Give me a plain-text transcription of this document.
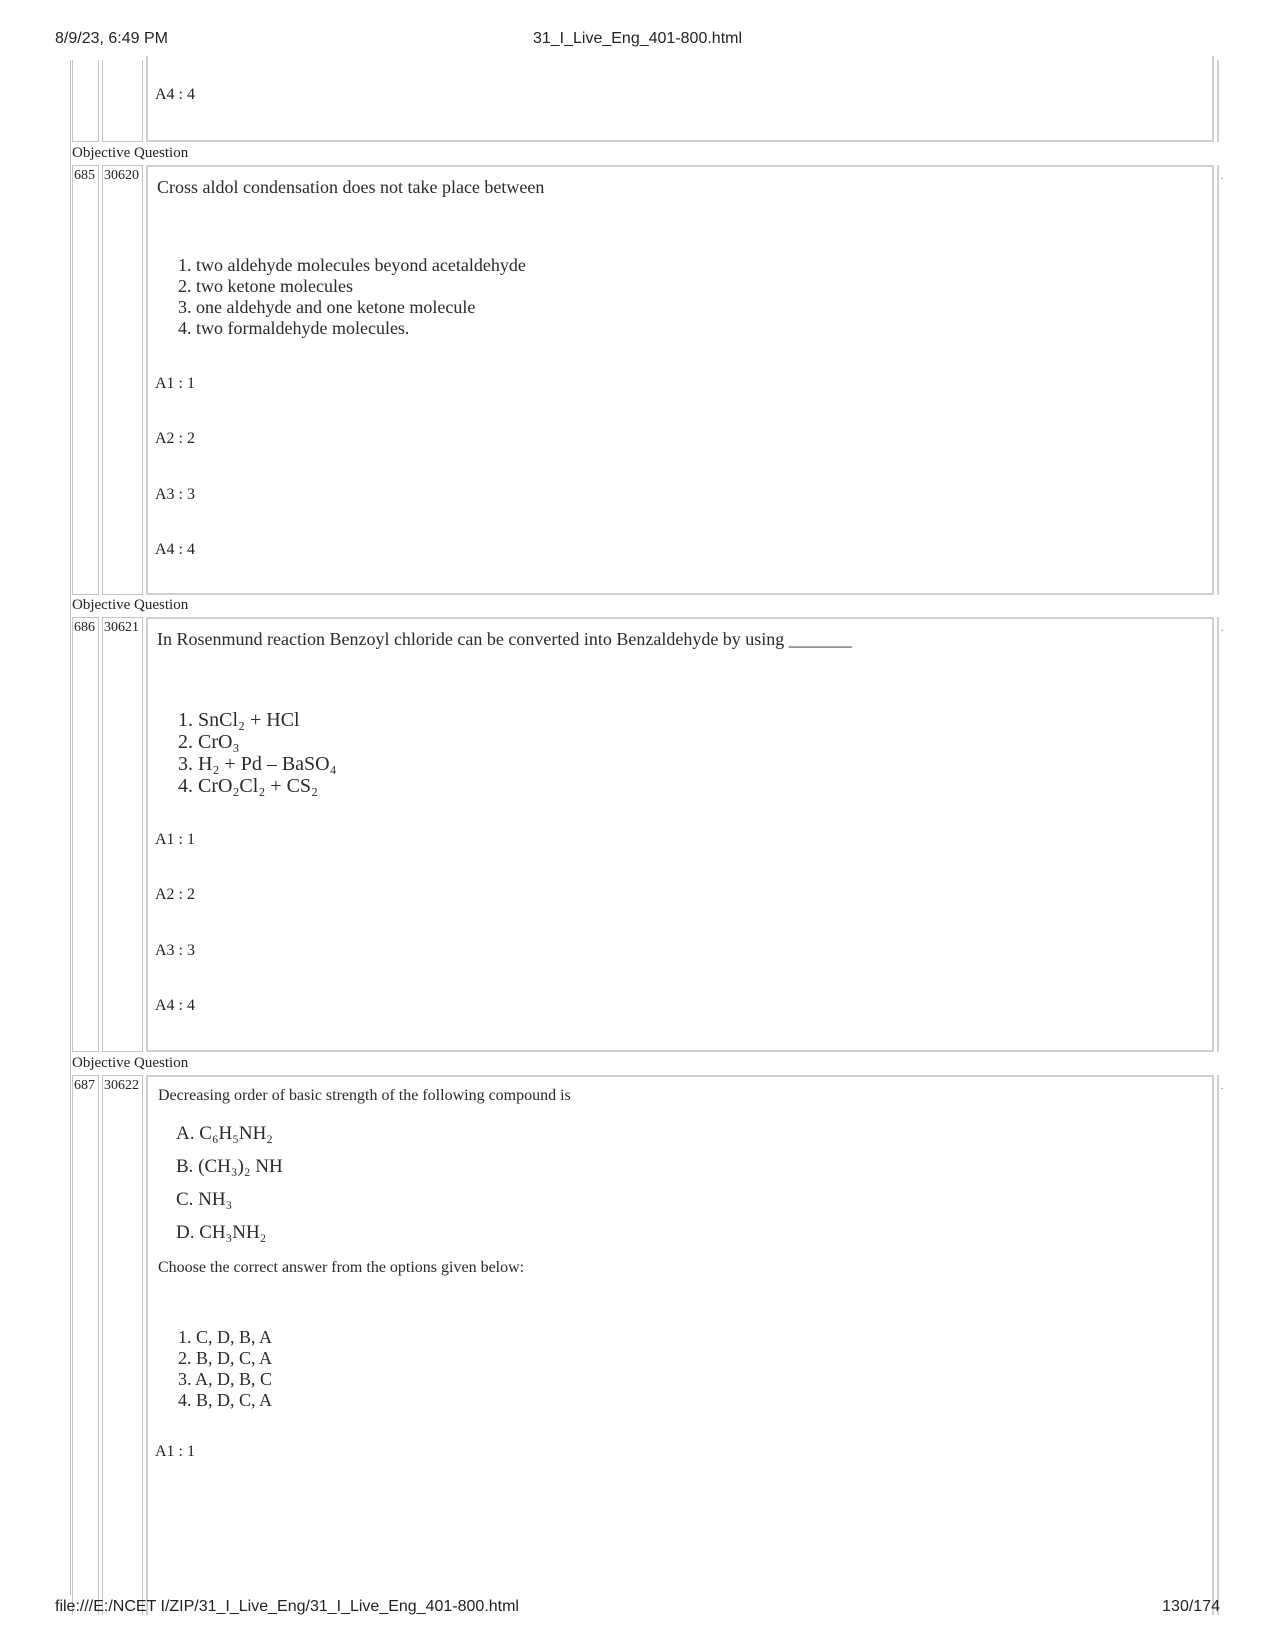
8/9/23, 6:49 PM	31_I_Live_Eng_401-800.html
A4 : 4
Objective Question
685 30620
Cross aldol condensation does not take place between
1. two aldehyde molecules beyond acetaldehyde
2. two ketone molecules
3. one aldehyde and one ketone molecule
4. two formaldehyde molecules.
A1 : 1
A2 : 2
A3 : 3
A4 : 4
.
Objective Question
686 30621
In Rosenmund reaction Benzoyl chloride can be converted into Benzaldehyde by using _______
1. SnCl₂ + HCl
2. CrO₃
3. H₂ + Pd – BaSO₄
4. CrO₂Cl₂ + CS₂
A1 : 1
A2 : 2
A3 : 3
A4 : 4
.
Objective Question
687 30622
Decreasing order of basic strength of the following compound is
A. C₆H₅NH₂
B. (CH₃)₂ NH
C. NH₃
D. CH₃NH₂
Choose the correct answer from the options given below:
1. C, D, B, A
2. B, D, C, A
3. A, D, B, C
4. B, D, C, A
A1 : 1
.
file:///E:/NCET I/ZIP/31_I_Live_Eng/31_I_Live_Eng_401-800.html	130/174
